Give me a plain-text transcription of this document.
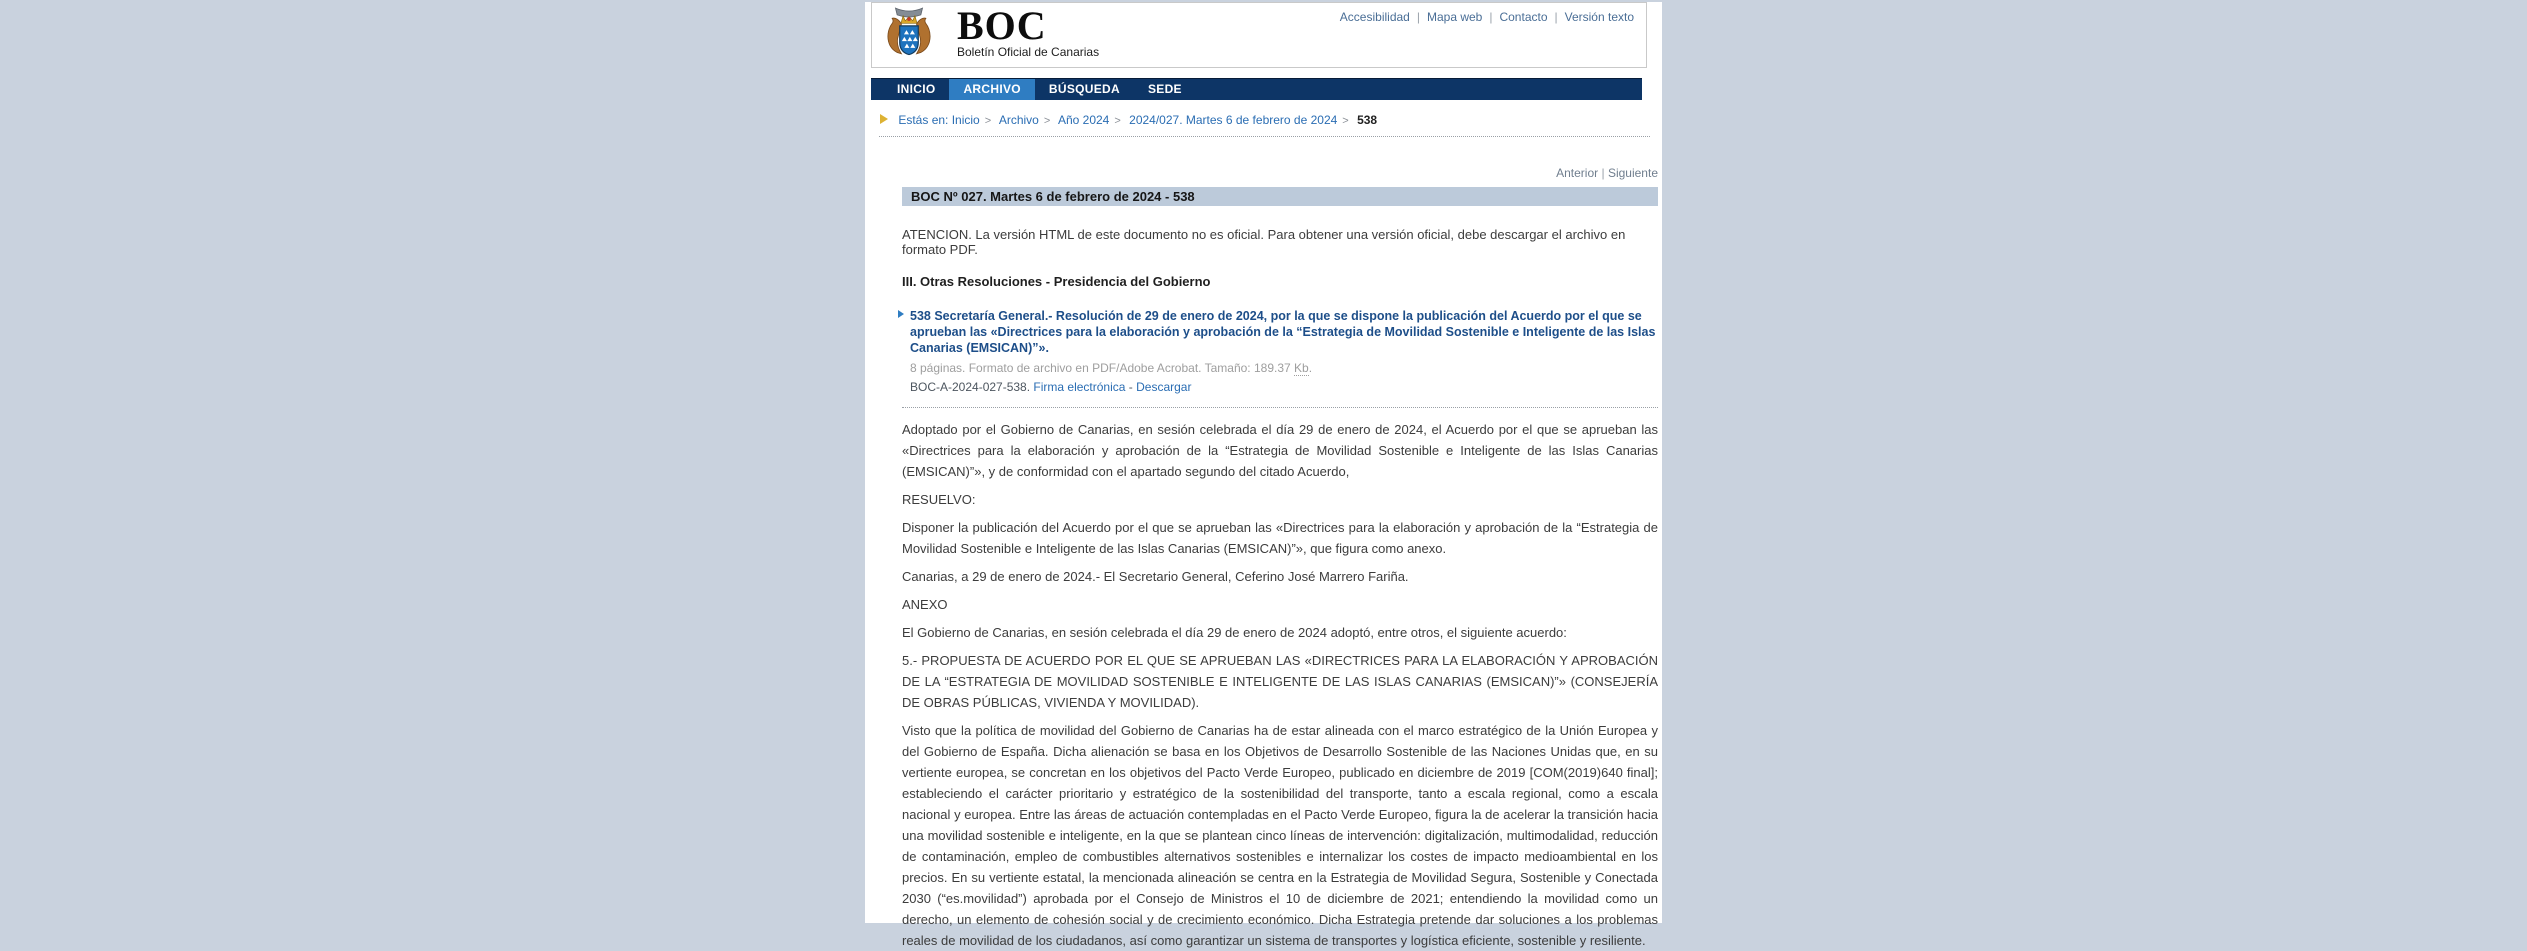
BOC
Boletín Oficial de Canarias
Accesibilidad | Mapa web | Contacto | Versión texto
INICIO	ARCHIVO	BÚSQUEDA	SEDE
Estás en: Inicio > Archivo > Año 2024 > 2024/027. Martes 6 de febrero de 2024 > 538
Anterior | Siguiente
BOC Nº 027. Martes 6 de febrero de 2024 - 538

ATENCION. La versión HTML de este documento no es oficial. Para obtener una versión oficial, debe descargar el archivo en formato PDF.

III. Otras Resoluciones - Presidencia del Gobierno

538 Secretaría General.- Resolución de 29 de enero de 2024, por la que se dispone la publicación del Acuerdo por el que se aprueban las «Directrices para la elaboración y aprobación de la “Estrategia de Movilidad Sostenible e Inteligente de las Islas Canarias (EMSICAN)”».
8 páginas. Formato de archivo en PDF/Adobe Acrobat. Tamaño: 189.37 Kb.
BOC-A-2024-027-538. Firma electrónica - Descargar

Adoptado por el Gobierno de Canarias, en sesión celebrada el día 29 de enero de 2024, el Acuerdo por el que se aprueban las «Directrices para la elaboración y aprobación de la “Estrategia de Movilidad Sostenible e Inteligente de las Islas Canarias (EMSICAN)”», y de conformidad con el apartado segundo del citado Acuerdo,

RESUELVO:

Disponer la publicación del Acuerdo por el que se aprueban las «Directrices para la elaboración y aprobación de la “Estrategia de Movilidad Sostenible e Inteligente de las Islas Canarias (EMSICAN)”», que figura como anexo.

Canarias, a 29 de enero de 2024.- El Secretario General, Ceferino José Marrero Fariña.

ANEXO

El Gobierno de Canarias, en sesión celebrada el día 29 de enero de 2024 adoptó, entre otros, el siguiente acuerdo:

5.- PROPUESTA DE ACUERDO POR EL QUE SE APRUEBAN LAS «DIRECTRICES PARA LA ELABORACIÓN Y APROBACIÓN DE LA “ESTRATEGIA DE MOVILIDAD SOSTENIBLE E INTELIGENTE DE LAS ISLAS CANARIAS (EMSICAN)”» (CONSEJERÍA DE OBRAS PÚBLICAS, VIVIENDA Y MOVILIDAD).

Visto que la política de movilidad del Gobierno de Canarias ha de estar alineada con el marco estratégico de la Unión Europea y del Gobierno de España. Dicha alienación se basa en los Objetivos de Desarrollo Sostenible de las Naciones Unidas que, en su vertiente europea, se concretan en los objetivos del Pacto Verde Europeo, publicado en diciembre de 2019 [COM(2019)640 final]; estableciendo el carácter prioritario y estratégico de la sostenibilidad del transporte, tanto a escala regional, como a escala nacional y europea. Entre las áreas de actuación contempladas en el Pacto Verde Europeo, figura la de acelerar la transición hacia una movilidad sostenible e inteligente, en la que se plantean cinco líneas de intervención: digitalización, multimodalidad, reducción de contaminación, empleo de combustibles alternativos sostenibles e internalizar los costes de impacto medioambiental en los precios. En su vertiente estatal, la mencionada alineación se centra en la Estrategia de Movilidad Segura, Sostenible y Conectada 2030 (“es.movilidad”) aprobada por el Consejo de Ministros el 10 de diciembre de 2021; entendiendo la movilidad como un derecho, un elemento de cohesión social y de crecimiento económico. Dicha Estrategia pretende dar soluciones a los problemas reales de movilidad de los ciudadanos, así como garantizar un sistema de transportes y logística eficiente, sostenible y resiliente.
